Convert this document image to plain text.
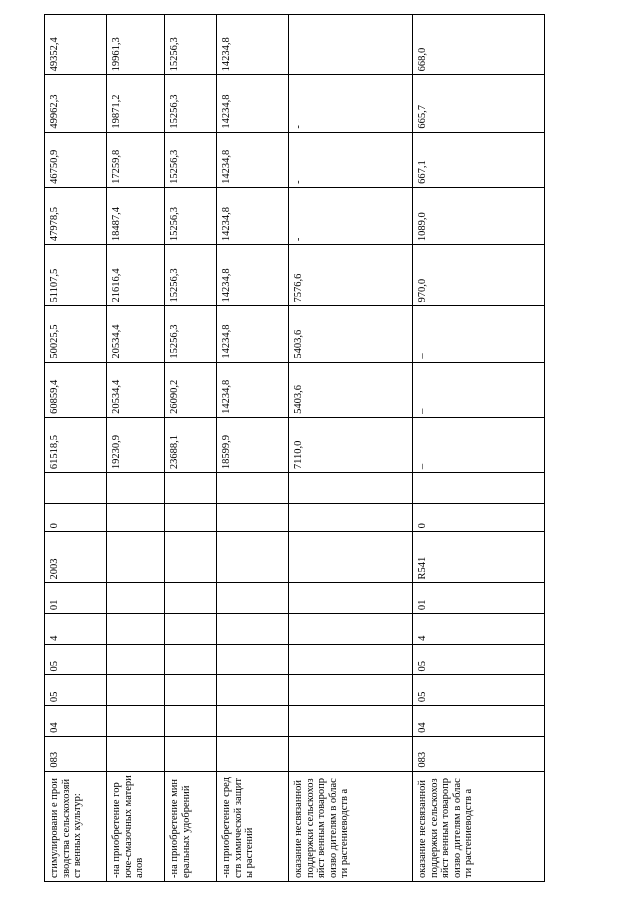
стимулировани е производства сельскохозяйст венных культур:	083	04	05	05	4	01	2003	0		61518,5	60859,4	50025,5	51107,5	47978,5	46750,9	49962,3	49352,4
-на приобретение горюче-смазочных материалов										19230,9	20534,4	20534,4	21616,4	18487,4	17259,8	19871,2	19961,3
-на приобретение минеральных удобрений										23688,1	26090,2	15256,3	15256,3	15256,3	15256,3	15256,3	15256,3
-на приобретение средств химической защиты растений										18599,9	14234,8	14234,8	14234,8	14234,8	14234,8	14234,8	14234,8
оказание несвязанной поддержки сельскохозяйст венным товаропроизво дителям в области растениеводств а										7110,0	5403,6	5403,6	7576,6	-	-	-	
оказание несвязанной поддержки сельскохозяйст венным товаропроизво дителям в области растениеводств а	083	04	05	05	4	01	R541	0		–	–	–	970,0	1089,0	667,1	665,7	668,0
